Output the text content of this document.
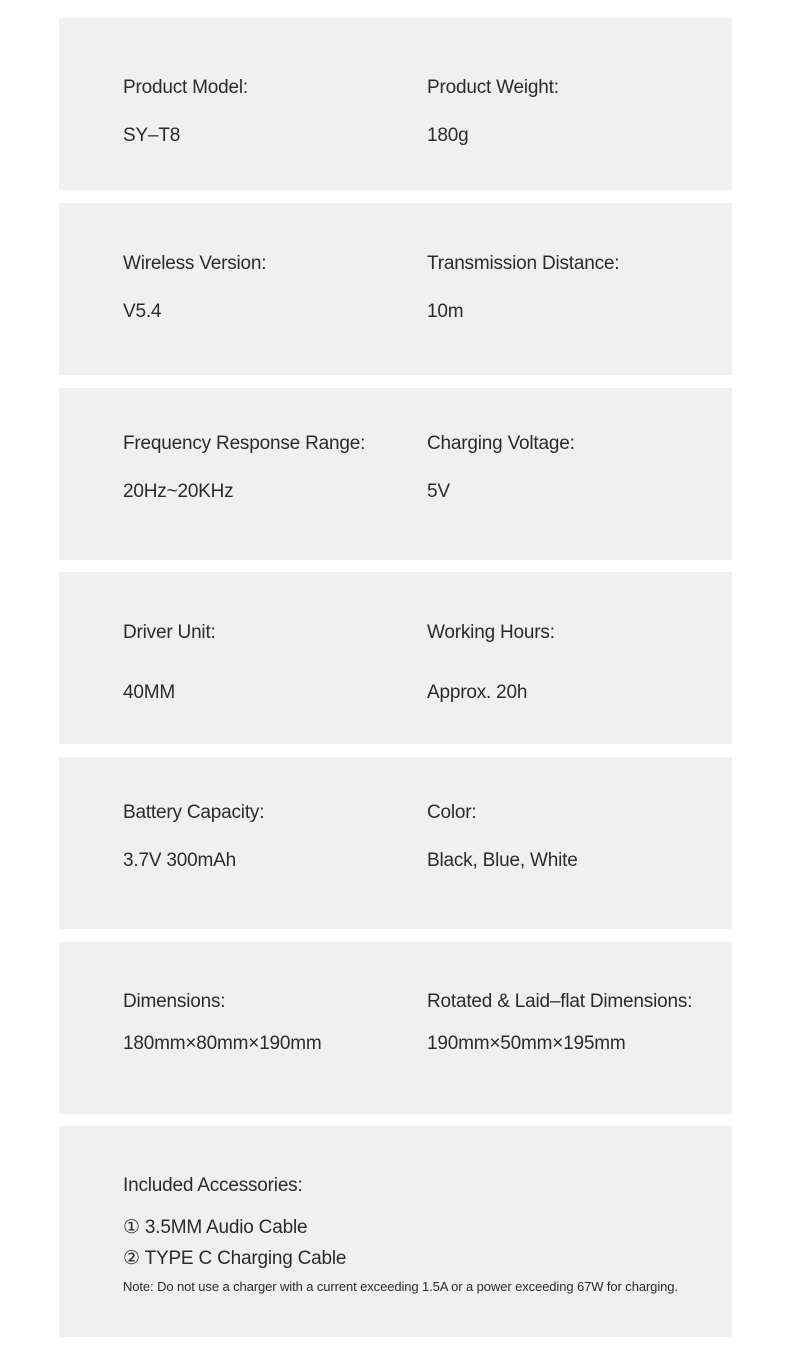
Product Model:
SY–T8
Product Weight:
180g
Wireless Version:
V5.4
Transmission Distance:
10m
Frequency Response Range:
20Hz~20KHz
Charging Voltage:
5V
Driver Unit:
40MM
Working Hours:
Approx. 20h
Battery Capacity:
3.7V 300mAh
Color:
Black, Blue, White
Dimensions:
180mm×80mm×190mm
Rotated & Laid–flat Dimensions:
190mm×50mm×195mm
Included Accessories:
① 3.5MM Audio Cable
② TYPE C Charging Cable
Note: Do not use a charger with a current exceeding 1.5A or a power exceeding 67W for charging.
